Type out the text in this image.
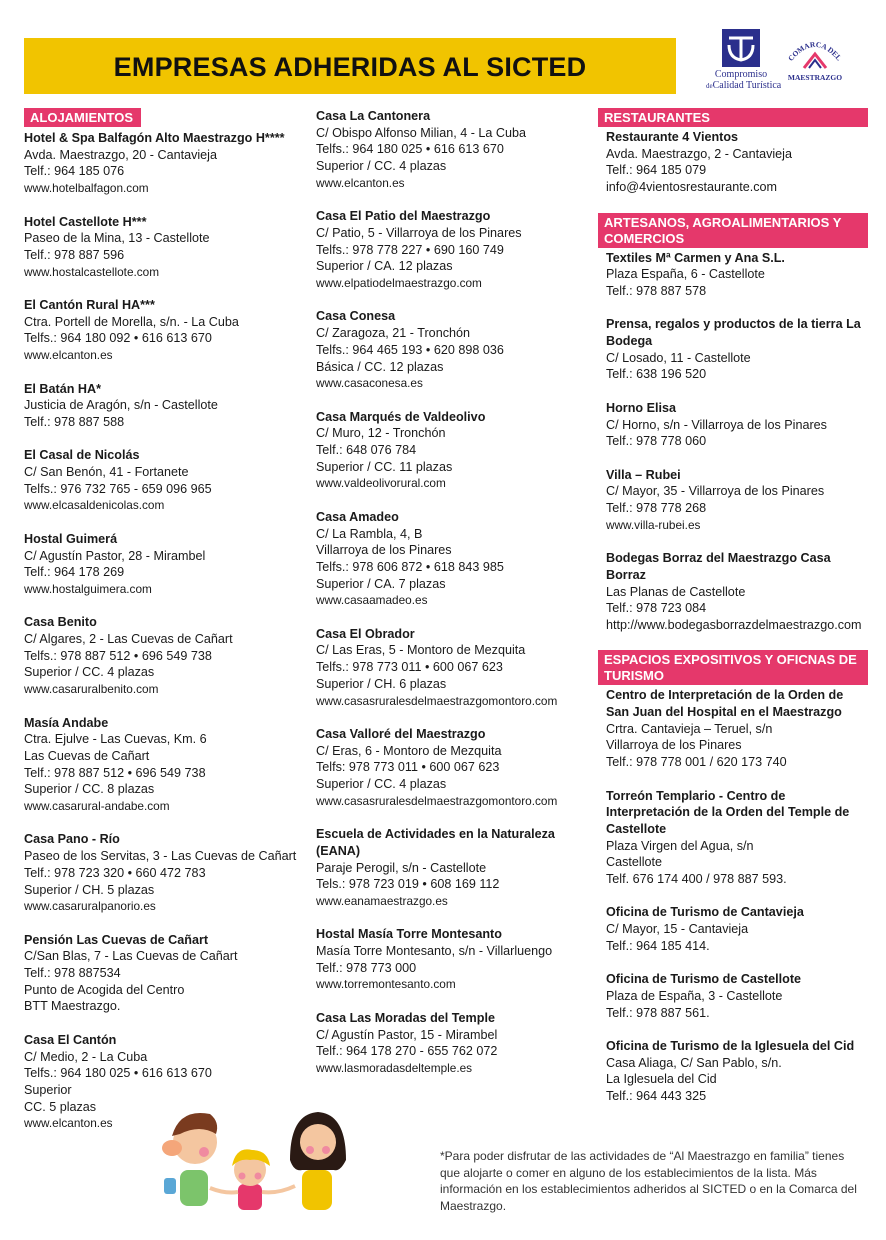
EMPRESAS ADHERIDAS AL SICTED	Compromiso
deCalidad Turística
COMARCA DEL
MAESTRAZGO
ALOJAMIENTOS
Hotel & Spa Balfagón Alto Maestrazgo H****
Avda. Maestrazgo, 20 - Cantavieja
Telf.: 964 185 076
www.hotelbalfagon.com
Hotel Castellote H***
Paseo de la Mina, 13 - Castellote
Telf.: 978 887 596
www.hostalcastellote.com
El Cantón Rural HA***
Ctra. Portell de Morella, s/n. - La Cuba
Telfs.: 964 180 092 • 616 613 670
www.elcanton.es
El Batán HA*
Justicia de Aragón, s/n - Castellote
Telf.: 978 887 588
El Casal de Nicolás
C/ San Benón, 41 - Fortanete
Telfs.: 976 732 765 - 659 096 965
www.elcasaldenicolas.com
Hostal Guimerá
C/ Agustín Pastor, 28 - Mirambel
Telf.: 964 178 269
www.hostalguimera.com
Casa Benito
C/ Algares, 2 - Las Cuevas de Cañart
Telfs.: 978 887 512 • 696 549 738
Superior / CC. 4 plazas
www.casaruralbenito.com
Masía Andabe
Ctra. Ejulve - Las Cuevas, Km. 6
Las Cuevas de Cañart
Telf.: 978 887 512 • 696 549 738
Superior / CC. 8 plazas
www.casarural-andabe.com
Casa Pano - Río
Paseo de los Servitas, 3 - Las Cuevas de Cañart
Telf.: 978 723 320 • 660 472 783
Superior / CH. 5 plazas
www.casaruralpanorio.es
Pensión Las Cuevas de Cañart
C/San Blas, 7 - Las Cuevas de Cañart
Telf.: 978 887534
Punto de Acogida del Centro
BTT Maestrazgo.
Casa El Cantón
C/ Medio, 2 - La Cuba
Telfs.: 964 180 025 • 616 613 670
Superior
CC. 5 plazas
www.elcanton.es
Casa La Cantonera
C/ Obispo Alfonso Milian, 4 - La Cuba
Telfs.: 964 180 025 • 616 613 670
Superior / CC. 4 plazas
www.elcanton.es
Casa El Patio del Maestrazgo
C/ Patio, 5 - Villarroya de los Pinares
Telfs.: 978 778 227 • 690 160 749
Superior / CA. 12 plazas
www.elpatiodelmaestrazgo.com
Casa Conesa
C/ Zaragoza, 21 - Tronchón
Telfs.: 964 465 193 • 620 898 036
Básica / CC. 12 plazas
www.casaconesa.es
Casa Marqués de Valdeolivo
C/ Muro, 12 - Tronchón
Telf.: 648 076 784
Superior / CC. 11 plazas
www.valdeolivorural.com
Casa Amadeo
C/ La Rambla, 4, B
Villarroya de los Pinares
Telfs.: 978 606 872 • 618 843 985
Superior / CA. 7 plazas
www.casaamadeo.es
Casa El Obrador
C/ Las Eras, 5 - Montoro de Mezquita
Telfs.: 978 773 011 • 600 067 623
Superior / CH. 6 plazas
www.casasruralesdelmaestrazgomontoro.com
Casa Valloré del Maestrazgo
C/ Eras, 6 - Montoro de Mezquita
Telfs: 978 773 011 • 600 067 623
Superior / CC. 4 plazas
www.casasruralesdelmaestrazgomontoro.com
Escuela de Actividades en la Naturaleza (EANA)
Paraje Perogil, s/n - Castellote
Tels.: 978 723 019 • 608 169 112
www.eanamaestrazgo.es
Hostal Masía Torre Montesanto
Masía Torre Montesanto, s/n - Villarluengo
Telf.: 978 773 000
www.torremontesanto.com
Casa Las Moradas del Temple
C/ Agustín Pastor, 15 - Mirambel
Telf.: 964 178 270 - 655 762 072
www.lasmoradasdeltemple.es
RESTAURANTES
Restaurante 4 Vientos
Avda. Maestrazgo, 2 - Cantavieja
Telf.: 964 185 079
info@4vientosrestaurante.com
ARTESANOS, AGROALIMENTARIOS Y COMERCIOS
Textiles Mª Carmen y Ana S.L.
Plaza España, 6 - Castellote
Telf.: 978 887 578
Prensa, regalos y productos de la tierra La Bodega
C/ Losado, 11 - Castellote
Telf.: 638 196 520
Horno Elisa
C/ Horno, s/n - Villarroya de los Pinares
Telf.: 978 778 060
Villa – Rubei
C/ Mayor, 35 - Villarroya de los Pinares
Telf.: 978 778 268
www.villa-rubei.es
Bodegas Borraz del Maestrazgo Casa Borraz
Las Planas de Castellote
Telf.: 978 723 084
http://www.bodegasborrazdelmaestrazgo.com
ESPACIOS EXPOSITIVOS Y OFICNAS DE TURISMO
Centro de Interpretación de la Orden de San Juan del Hospital en el Maestrazgo
Crtra. Cantavieja – Teruel, s/n
Villarroya de los Pinares
Telf.: 978 778 001 / 620 173 740
Torreón Templario - Centro de Interpretación de la Orden del Temple de Castellote
Plaza Virgen del Agua, s/n
Castellote
Telf. 676 174 400 / 978 887 593.
Oficina de Turismo de Cantavieja
C/ Mayor, 15 - Cantavieja
Telf.: 964 185 414.
Oficina de Turismo de Castellote
Plaza de España, 3 - Castellote
Telf.: 978 887 561.
Oficina de Turismo de la Iglesuela del Cid
Casa Aliaga, C/ San Pablo, s/n.
La Iglesuela del Cid
Telf.: 964 443 325
*Para poder disfrutar de las actividades de “Al Maestrazgo en familia” tienes que alojarte o comer en alguno de los establecimientos de la lista. Más información en los establecimientos adheridos al SICTED o en la Comarca del Maestrazgo.
